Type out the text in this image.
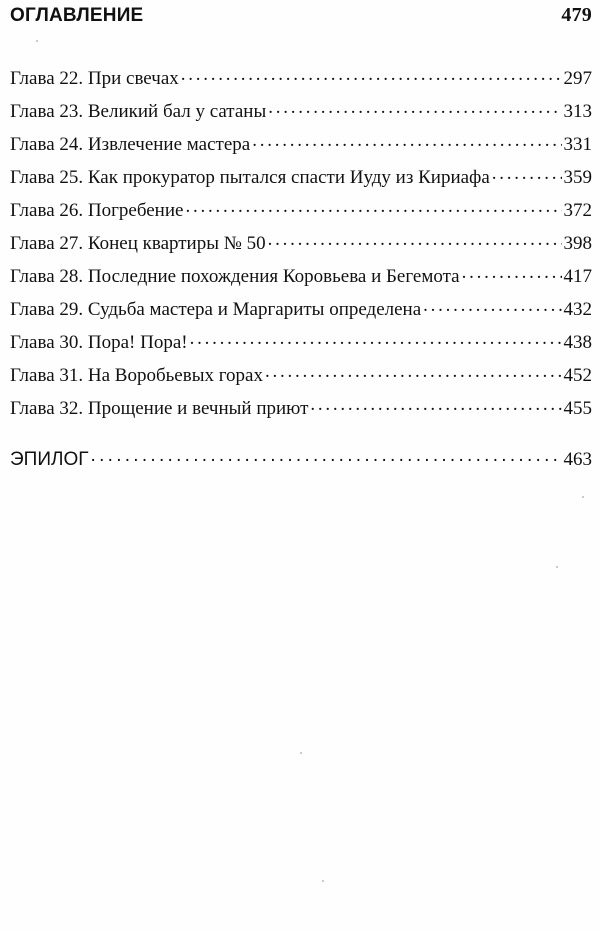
ОГЛАВЛЕНИЕ	479
Глава 22. При свечах . . .	297
Глава 23. Великий бал у сатаны . . .	313
Глава 24. Извлечение мастера . . .	331
Глава 25. Как прокуратор пытался спасти Иуду из Кириафа . . .	359
Глава 26. Погребение . . .	372
Глава 27. Конец квартиры № 50 . . .	398
Глава 28. Последние похождения Коровьева и Бегемота . . .	417
Глава 29. Судьба мастера и Маргариты определена . . .	432
Глава 30. Пора! Пора! . . .	438
Глава 31. На Воробьевых горах . . .	452
Глава 32. Прощение и вечный приют . . .	455
ЭПИЛОГ . . .	463
